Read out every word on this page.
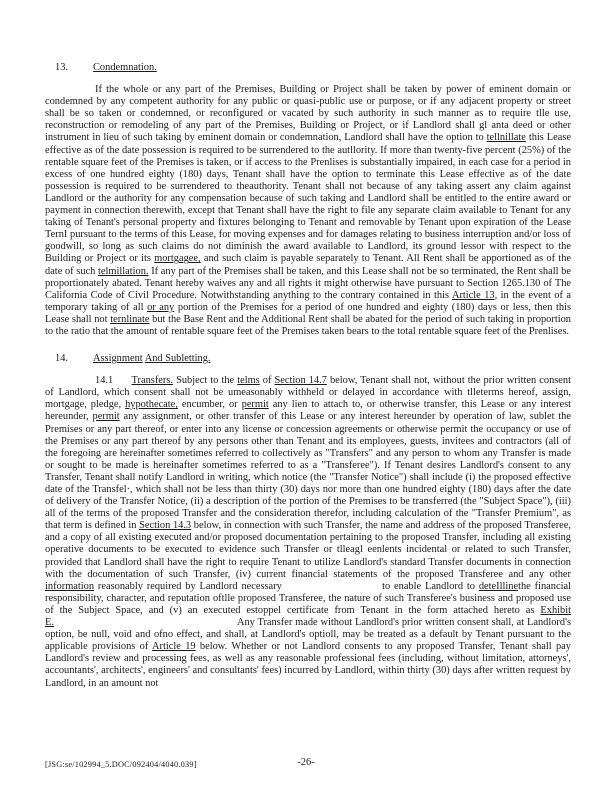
13. Condemnation.
If the whole or any part of the Premises, Building or Project shall be taken by power of eminent domain or condemned by any competent authority for any public or quasi-public use or purpose, or if any adjacent property or street shall be so taken or condemned, or reconfigured or vacated by such authority in such manner as to require tlle use, reconstruction or remodeling of any part of the Premises, Building or Project, or if Landlord shall gl anta deed or other instrument in lieu of such taking by eminent domain or condemnation, Landlord shall have the option to tellnillate this Lease effective as of the date possession is required to be surrendered to the autllority. If more than twenty-five percent (25%) of the rentable square feet of the Premises is taken, or if access to the Prenlises is substantially impaired, in each case for a period in excess of one hundred eighty (180) days, Tenant shall have the option to terminate this Lease effective as of the date possession is required to be surrendered to theauthority. Tenant shall not because of any taking assert any claim against Landlord or the authority for any compensation because of such taking and Landlord shall be entitled to the entire award or payment in connection therewith, except that Tenant shall have the right to file any separate claim available to Tenant for any taking of Tenant's personal property and fixtures belonging to Tenant and removable by Tenant upon expiration of the Lease TernI pursuant to the terms of this Lease, for moving expenses and for damages relating to business interruption and/or loss of goodwill, so long as such claims do not diminish the award available to Landlord, its ground lessor with respect to the Building or Project or its mortgagee, and such claim is payable separately to Tenant. All Rent shall be apportioned as of the date of such telmillation. If any part of the Premises shall be taken, and this Lease shall not be so terminated, the Rent shall be proportionately abated. Tenant hereby waives any and all rights it might otherwise have pursuant to Section 1265.130 of The California Code of Civil Procedure. Notwithstanding anything to the contrary contained in this Article 13, in the event of a temporary taking of all or any portion of the Premises for a period of one hundred and eighty (180) days or less, then this Lease shall not ternlinate but the Base Rent and the Additional Rent shall be abated for the period of such taking in proportion to the ratio that the amount of rentable square feet of the Premises taken bears to the total rentable square feet of the Prenlises.
14. Assignment And Subletting.
14.1 Transfers. Subject to the telms of Section 14.7 below, Tenant shall not, without the prior written consent of Landlord, which consent shall not be umeasonably withheld or delayed in accordance with tlleterms hereof, assign, mortgage, pledge, hypothecate, encumber, or permit any lien to attach to, or otherwise transfer, this Lease or any interest hereunder, permit any assignment, or other transfer of this Lease or any interest hereunder by operation of law, sublet the Premises or any part thereof, or enter into any license or concession agreements or otherwise permit the occupancy or use of the Premises or any part thereof by any persons other than Tenant and its employees, guests, invitees and contractors (all of the foregoing are hereinafter sometimes referred to collectively as "Transfers" and any person to whom any Transfer is made or sought to be made is hereinafter sometimes referred to as a "Transferee"). If Tenant desires Landlord's consent to any Transfer, Tenant shall notify Landlord in writing, which notice (the "Transfer Notice") shall include (i) the proposed effective date of the Transfel·, which shall not be less than thirty (30) days nor more than one hundred eighty (180) days after the date of delivery of the Transfer Notice, (ii) a description of the portion of the Premises to be transferred (the "Subject Space"), (iii) all of the terms of the proposed Transfer and the consideration therefor, including calculation of the "Transfer Premium", as that term is defined in Section 14.3 below, in connection with such Transfer, the name and address of the proposed Transferee, and a copy of all existing executed and/or proposed documentation pertaining to the proposed Transfer, including all existing operative documents to be executed to evidence such Transfer or tlleagl eenlents incidental or related to such Transfer, provided that Landlord shall have the right to require Tenant to utilize Landlord's standard Transfer documents in connection with the documentation of such Transfer, (iv) current financial statements of the proposed Transferee and any other information reasonably required by Landlord necessary                          to enable Landlord to deteIllinethe financial responsibility, character, and reputation oftlle proposed Transferee, the nature of such Transferee's business and proposed use of the Subject Space, and (v) an executed estoppel certificate from Tenant in the form attached hereto as Exhibit E.                                                                 Any Transfer made without Landlord's prior written consent shall, at Landlord's option, be null, void and ofno effect, and shall, at Landlord's optioll, may be treated as a default by Tenant pursuant to the applicable provisions of Article 19 below. Whether or not Landlord consents to any proposed Transfer, Tenant shall pay Landlord's review and processing fees, as well as any reasonable professional fees (including, without limitation, attorneys', accountants', architects', engineers' and consultants' fees) incurred by Landlord, within thirty (30) days after written request by Landlord, in an amount not
[JSG:se/102994_5.DOC/092404/4040.039]	-26-
